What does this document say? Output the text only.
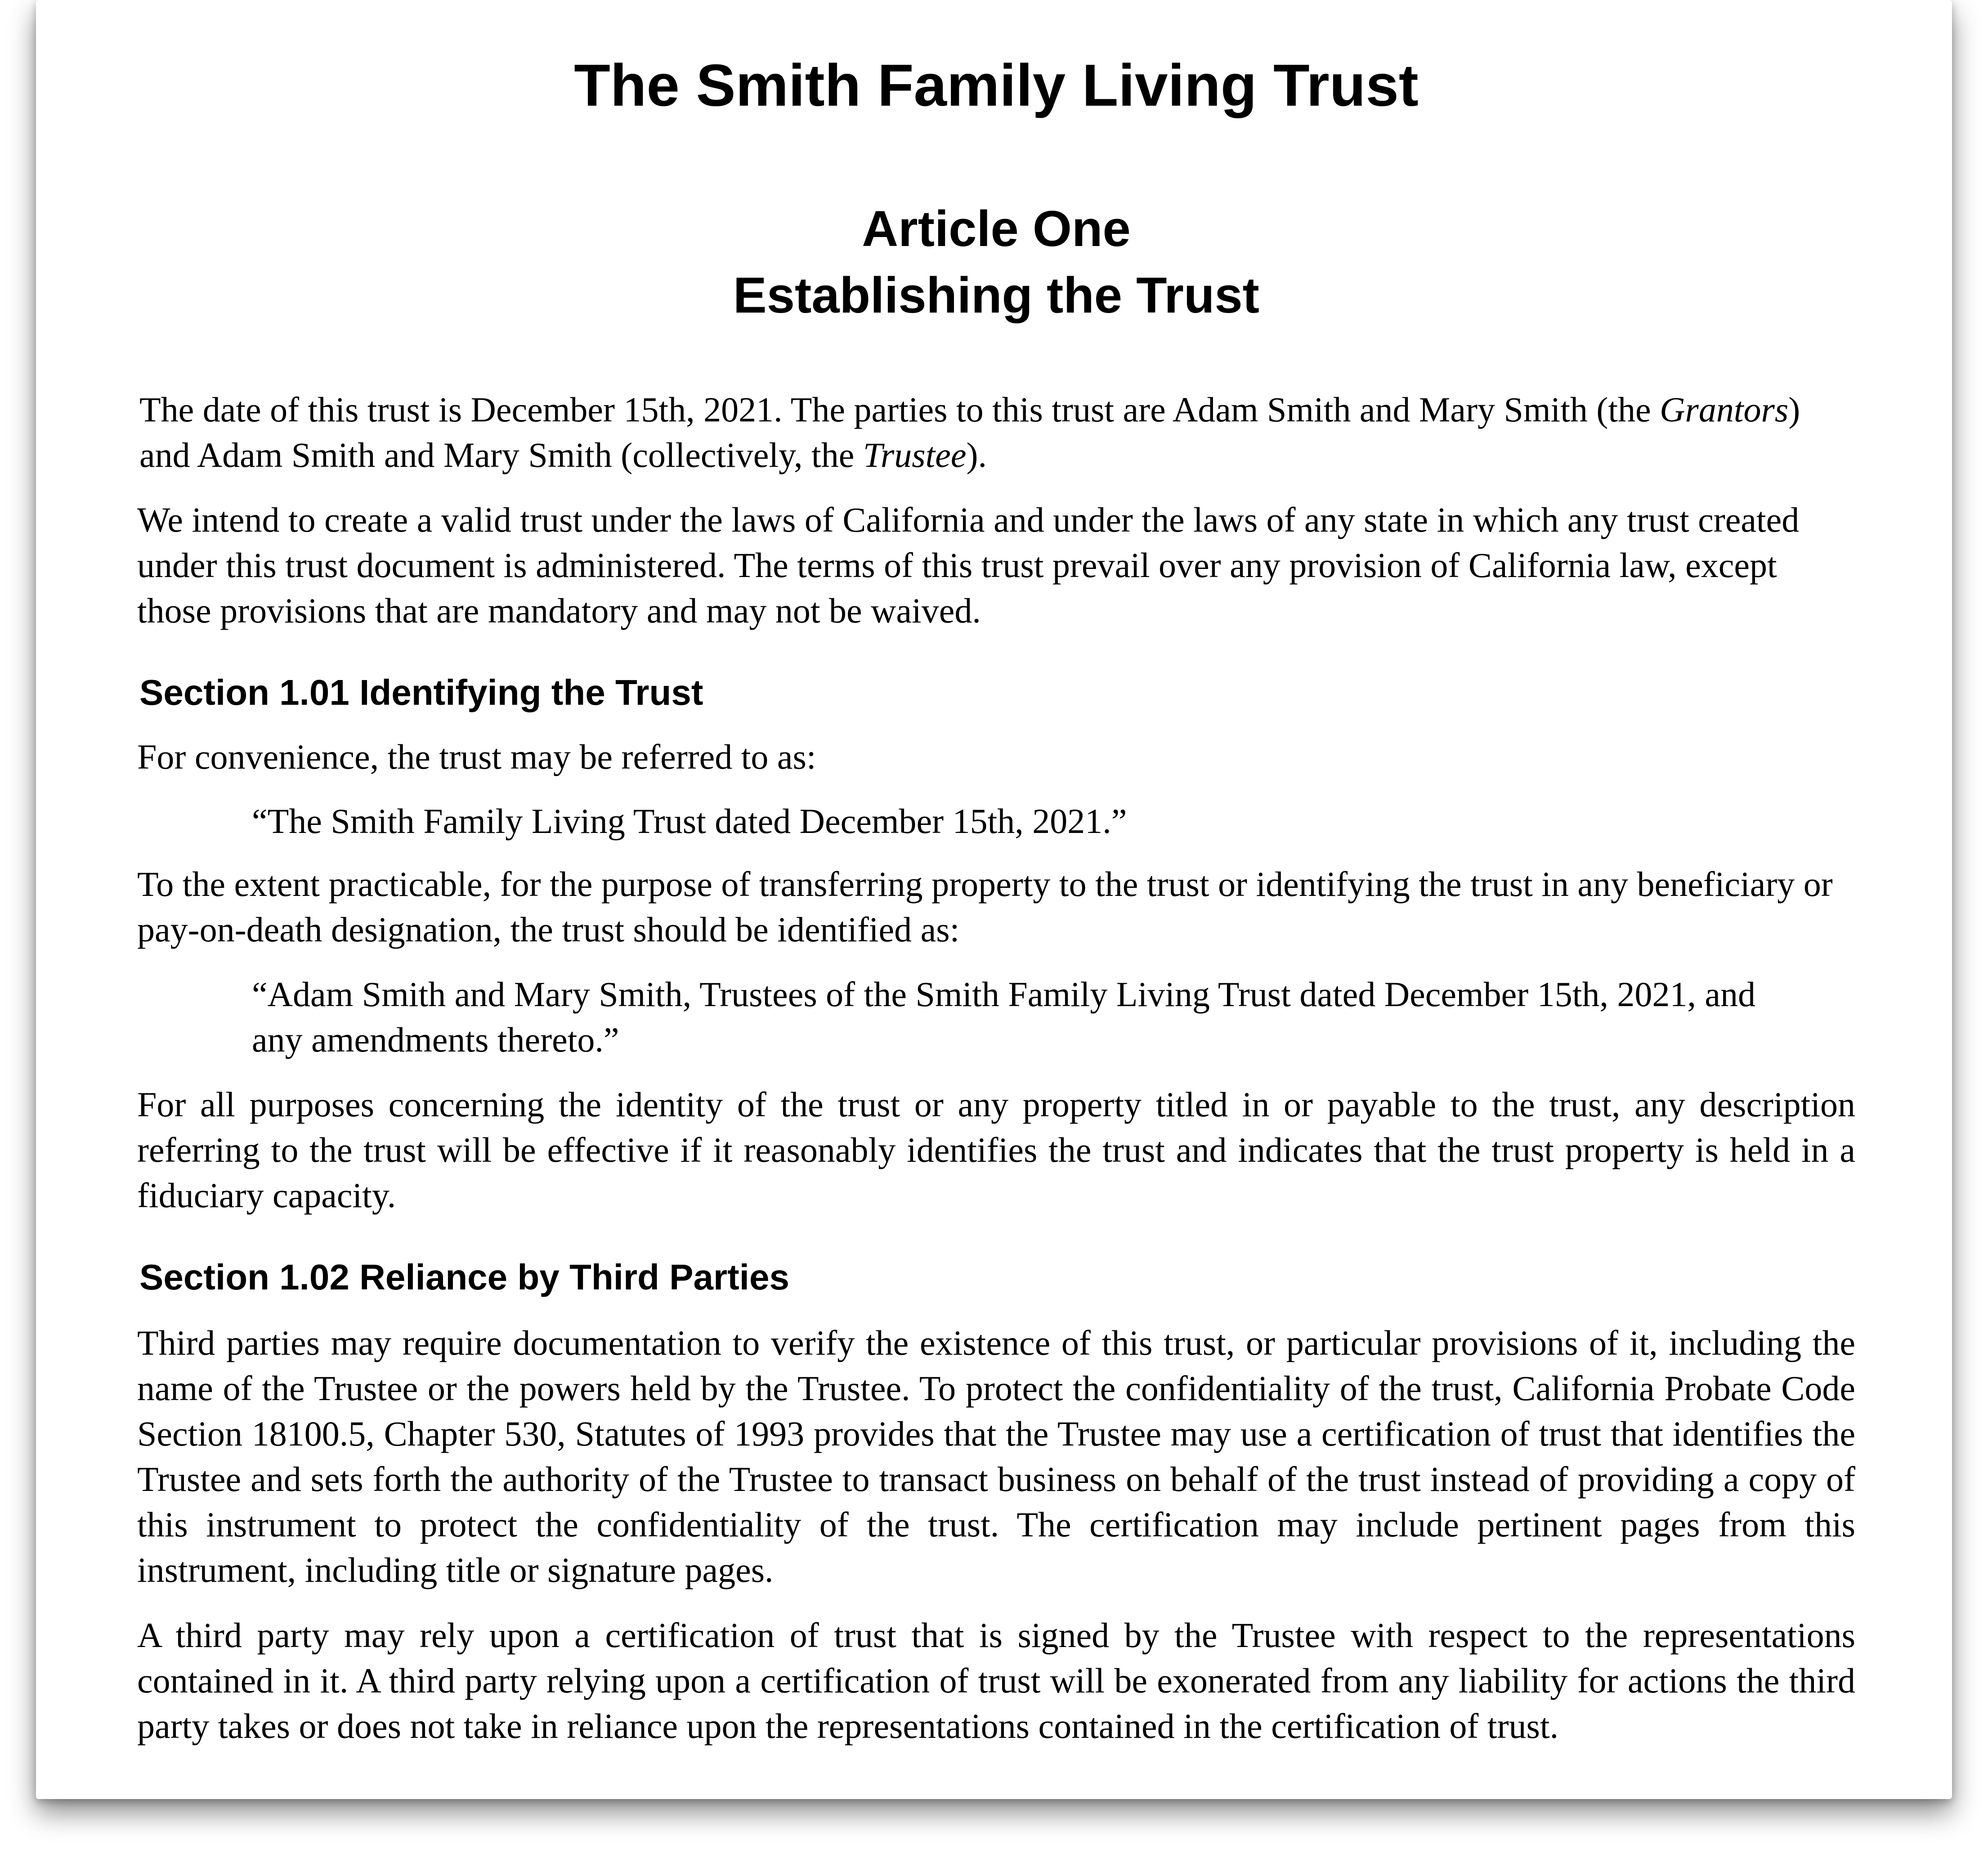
The Smith Family Living Trust
Article One
Establishing the Trust

The date of this trust is December 15th, 2021. The parties to this trust are Adam Smith and Mary Smith (the Grantors) and Adam Smith and Mary Smith (collectively, the Trustee).

We intend to create a valid trust under the laws of California and under the laws of any state in which any trust created under this trust document is administered. The terms of this trust prevail over any provision of California law, except those provisions that are mandatory and may not be waived.

Section 1.01 Identifying the Trust

For convenience, the trust may be referred to as:

“The Smith Family Living Trust dated December 15th, 2021.”

To the extent practicable, for the purpose of transferring property to the trust or identifying the trust in any beneficiary or pay-on-death designation, the trust should be identified as:

“Adam Smith and Mary Smith, Trustees of the Smith Family Living Trust dated December 15th, 2021, and any amendments thereto.”

For all purposes concerning the identity of the trust or any property titled in or payable to the trust, any description referring to the trust will be effective if it reasonably identifies the trust and indicates that the trust property is held in a fiduciary capacity.

Section 1.02 Reliance by Third Parties

Third parties may require documentation to verify the existence of this trust, or particular provisions of it, including the name of the Trustee or the powers held by the Trustee. To protect the confidentiality of the trust, California Probate Code Section 18100.5, Chapter 530, Statutes of 1993 provides that the Trustee may use a certification of trust that identifies the Trustee and sets forth the authority of the Trustee to transact business on behalf of the trust instead of providing a copy of this instrument to protect the confidentiality of the trust. The certification may include pertinent pages from this instrument, including title or signature pages.

A third party may rely upon a certification of trust that is signed by the Trustee with respect to the representations contained in it. A third party relying upon a certification of trust will be exonerated from any liability for actions the third party takes or does not take in reliance upon the representations contained in the certification of trust.
